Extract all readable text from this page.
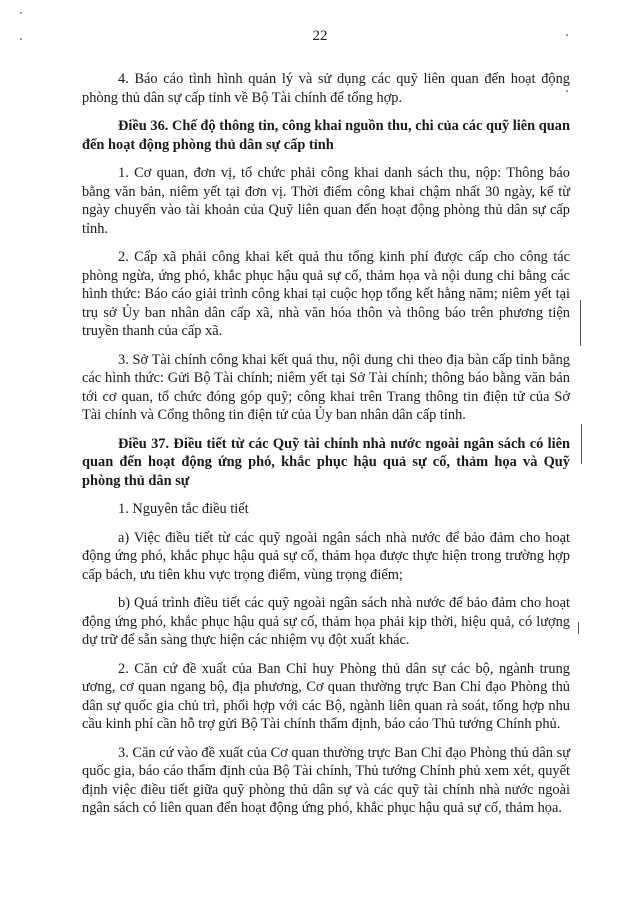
22

4. Báo cáo tình hình quản lý và sử dụng các quỹ liên quan đến hoạt động phòng thủ dân sự cấp tỉnh về Bộ Tài chính để tổng hợp.

Điều 36. Chế độ thông tin, công khai nguồn thu, chi của các quỹ liên quan đến hoạt động phòng thủ dân sự cấp tỉnh

1. Cơ quan, đơn vị, tổ chức phải công khai danh sách thu, nộp: Thông báo bằng văn bản, niêm yết tại đơn vị. Thời điểm công khai chậm nhất 30 ngày, kể từ ngày chuyển vào tài khoản của Quỹ liên quan đến hoạt động phòng thủ dân sự cấp tỉnh.

2. Cấp xã phải công khai kết quả thu tổng kinh phí được cấp cho công tác phòng ngừa, ứng phó, khắc phục hậu quả sự cố, thảm họa và nội dung chi bằng các hình thức: Báo cáo giải trình công khai tại cuộc họp tổng kết hằng năm; niêm yết tại trụ sở Ủy ban nhân dân cấp xã, nhà văn hóa thôn và thông báo trên phương tiện truyền thanh của cấp xã.

3. Sở Tài chính công khai kết quả thu, nội dung chi theo địa bàn cấp tỉnh bằng các hình thức: Gửi Bộ Tài chính; niêm yết tại Sở Tài chính; thông báo bằng văn bản tới cơ quan, tổ chức đóng góp quỹ; công khai trên Trang thông tin điện tử của Sở Tài chính và Cổng thông tin điện tử của Ủy ban nhân dân cấp tỉnh.

Điều 37. Điều tiết từ các Quỹ tài chính nhà nước ngoài ngân sách có liên quan đến hoạt động ứng phó, khắc phục hậu quả sự cố, thảm họa và Quỹ phòng thủ dân sự

1. Nguyên tắc điều tiết

a) Việc điều tiết từ các quỹ ngoài ngân sách nhà nước để bảo đảm cho hoạt động ứng phó, khắc phục hậu quả sự cố, thảm họa được thực hiện trong trường hợp cấp bách, ưu tiên khu vực trọng điểm, vùng trọng điểm;

b) Quá trình điều tiết các quỹ ngoài ngân sách nhà nước để bảo đảm cho hoạt động ứng phó, khắc phục hậu quả sự cố, thảm họa phải kịp thời, hiệu quả, có lượng dự trữ để sẵn sàng thực hiện các nhiệm vụ đột xuất khác.

2. Căn cứ đề xuất của Ban Chỉ huy Phòng thủ dân sự các bộ, ngành trung ương, cơ quan ngang bộ, địa phương, Cơ quan thường trực Ban Chỉ đạo Phòng thủ dân sự quốc gia chủ trì, phối hợp với các Bộ, ngành liên quan rà soát, tổng hợp nhu cầu kinh phí cần hỗ trợ gửi Bộ Tài chính thẩm định, báo cáo Thủ tướng Chính phủ.

3. Căn cứ vào đề xuất của Cơ quan thường trực Ban Chỉ đạo Phòng thủ dân sự quốc gia, báo cáo thẩm định của Bộ Tài chính, Thủ tướng Chính phủ xem xét, quyết định việc điều tiết giữa quỹ phòng thủ dân sự và các quỹ tài chính nhà nước ngoài ngân sách có liên quan đến hoạt động ứng phó, khắc phục hậu quả sự cố, thảm họa.
